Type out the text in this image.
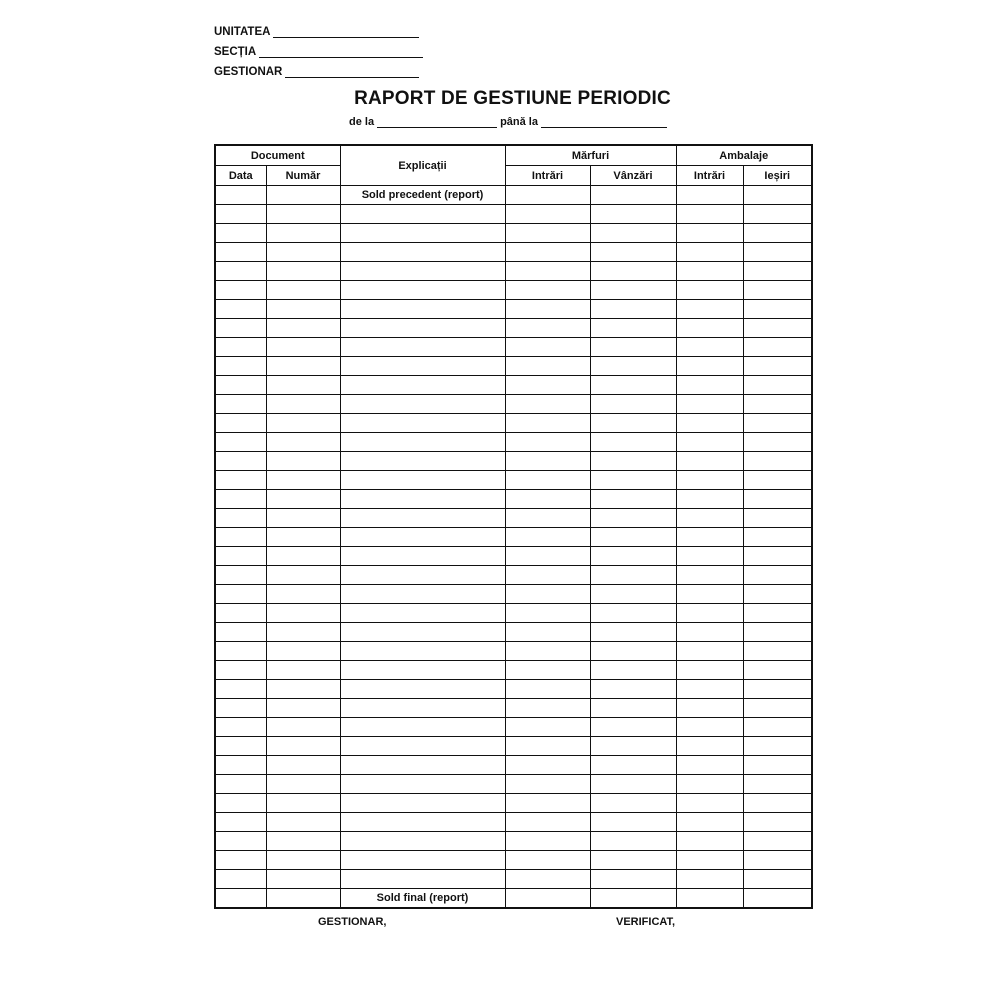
UNITATEA
SECȚIA
GESTIONAR
RAPORT DE GESTIUNE PERIODIC
de la	până la
Document		Explicații	Mărfuri		Ambalaje	
Data	Număr		Intrări	Vânzări	Intrări	Ieșiri
		Sold precedent (report)				

		Sold final (report)				
GESTIONAR,	VERIFICAT,
